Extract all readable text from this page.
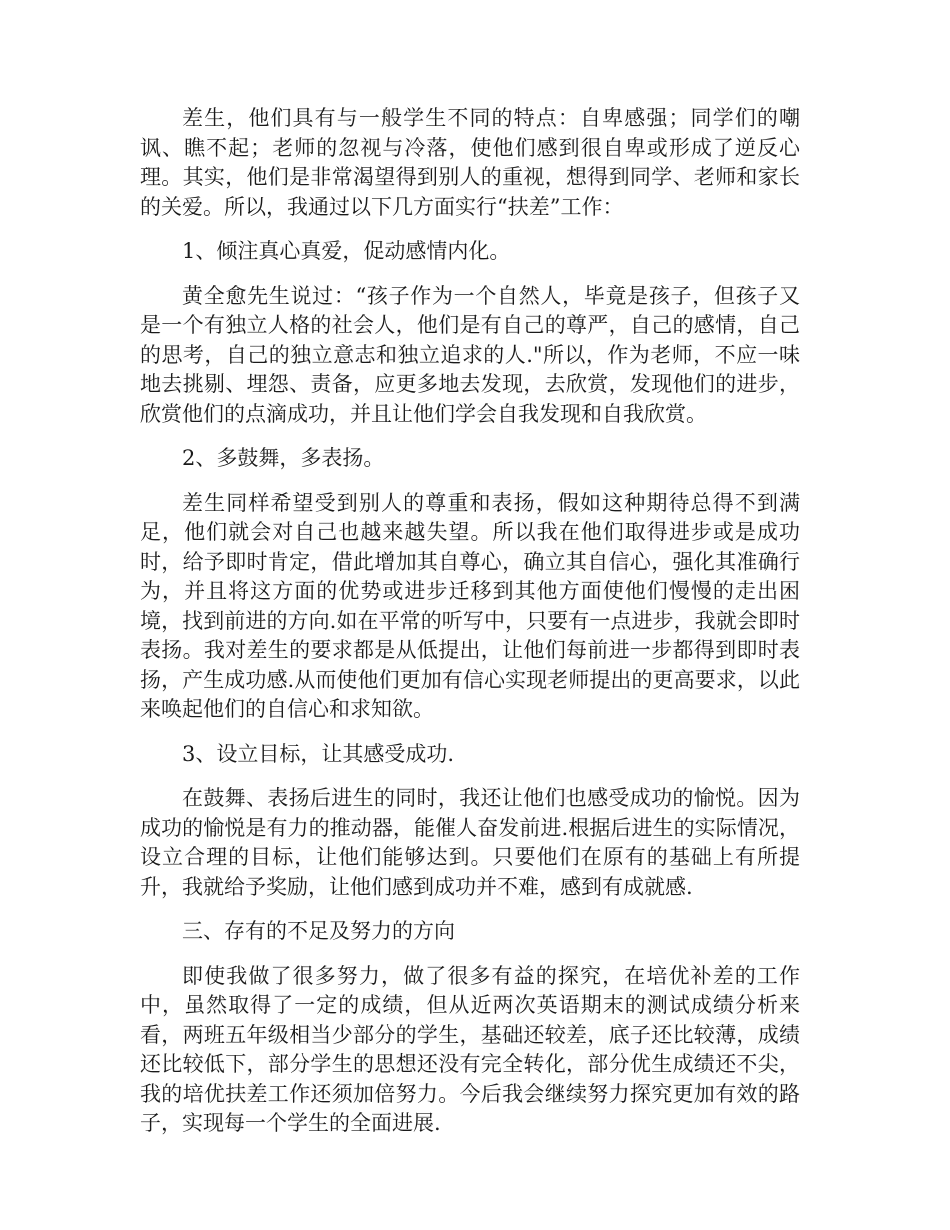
差生，他们具有与一般学生不同的特点：自卑感强；同学们的嘲讽、瞧不起；老师的忽视与冷落，使他们感到很自卑或形成了逆反心理。其实，他们是非常渴望得到别人的重视，想得到同学、老师和家长的关爱。所以，我通过以下几方面实行“扶差”工作：

1、倾注真心真爱，促动感情内化。

黄全愈先生说过：“孩子作为一个自然人，毕竟是孩子，但孩子又是一个有独立人格的社会人，他们是有自己的尊严，自己的感情，自己的思考，自己的独立意志和独立追求的人."所以，作为老师，不应一味地去挑剔、埋怨、责备，应更多地去发现，去欣赏，发现他们的进步，欣赏他们的点滴成功，并且让他们学会自我发现和自我欣赏。

2、多鼓舞，多表扬。

差生同样希望受到别人的尊重和表扬，假如这种期待总得不到满足，他们就会对自己也越来越失望。所以我在他们取得进步或是成功时，给予即时肯定，借此增加其自尊心，确立其自信心，强化其准确行为，并且将这方面的优势或进步迁移到其他方面使他们慢慢的走出困境，找到前进的方向.如在平常的听写中，只要有一点进步，我就会即时表扬。我对差生的要求都是从低提出，让他们每前进一步都得到即时表扬，产生成功感.从而使他们更加有信心实现老师提出的更高要求，以此来唤起他们的自信心和求知欲。

3、设立目标，让其感受成功.

在鼓舞、表扬后进生的同时，我还让他们也感受成功的愉悦。因为成功的愉悦是有力的推动器，能催人奋发前进.根据后进生的实际情况，设立合理的目标，让他们能够达到。只要他们在原有的基础上有所提升，我就给予奖励，让他们感到成功并不难，感到有成就感.

三、存有的不足及努力的方向

即使我做了很多努力，做了很多有益的探究，在培优补差的工作中，虽然取得了一定的成绩，但从近两次英语期末的测试成绩分析来看，两班五年级相当少部分的学生，基础还较差，底子还比较薄，成绩还比较低下，部分学生的思想还没有完全转化，部分优生成绩还不尖，我的培优扶差工作还须加倍努力。今后我会继续努力探究更加有效的路子，实现每一个学生的全面进展.
